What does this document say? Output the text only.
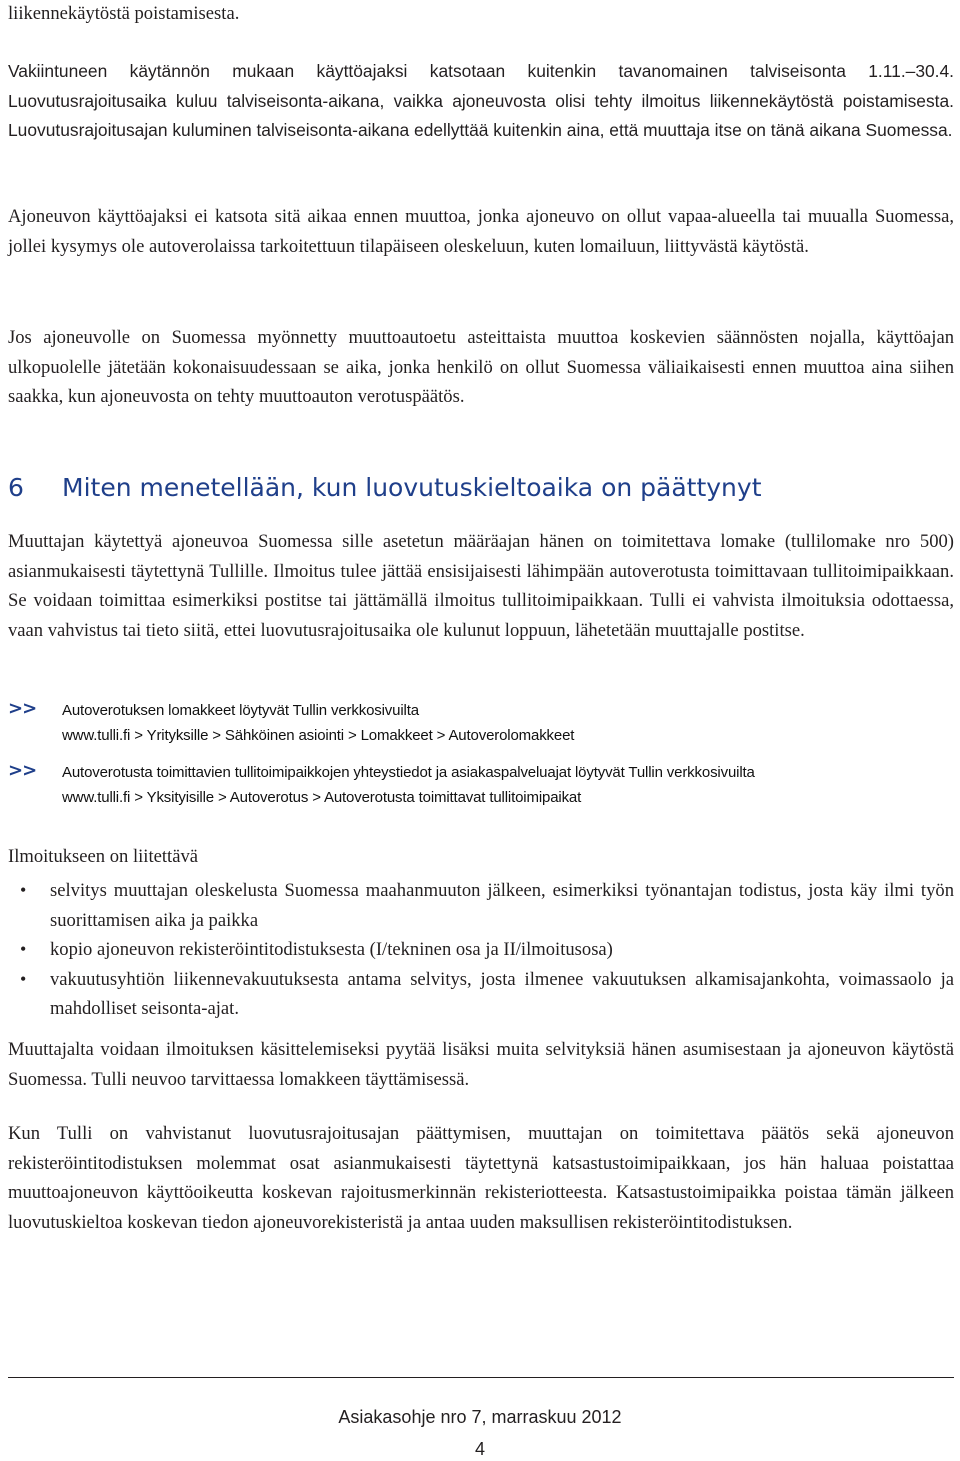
liikennekäytöstä poistamisesta.

Vakiintuneen käytännön mukaan käyttöajaksi katsotaan kuitenkin tavanomainen talviseisonta 1.11.–30.4. Luovutusrajoitusaika kuluu talviseisonta-aikana, vaikka ajoneuvosta olisi tehty ilmoitus liikennekäytöstä poistamisesta. Luovutusrajoitusajan kuluminen talviseisonta-aikana edellyttää kuitenkin aina, että muuttaja itse on tänä aikana Suomessa.

Ajoneuvon käyttöajaksi ei katsota sitä aikaa ennen muuttoa, jonka ajoneuvo on ollut vapaa-alueella tai muualla Suomessa, jollei kysymys ole autoverolaissa tarkoitettuun tilapäiseen oleskeluun, kuten lomailuun, liittyvästä käytöstä.

Jos ajoneuvolle on Suomessa myönnetty muuttoautoetu asteittaista muuttoa koskevien säännösten nojalla, käyttöajan ulkopuolelle jätetään kokonaisuudessaan se aika, jonka henkilö on ollut Suomessa väliaikaisesti ennen muuttoa aina siihen saakka, kun ajoneuvosta on tehty muuttoauton verotuspäätös.

6 Miten menetellään, kun luovutuskieltoaika on päättynyt

Muuttajan käytettyä ajoneuvoa Suomessa sille asetetun määräajan hänen on toimitettava lomake (tullilomake nro 500) asianmukaisesti täytettynä Tullille. Ilmoitus tulee jättää ensisijaisesti lähimpään autoverotusta toimittavaan tullitoimipaikkaan. Se voidaan toimittaa esimerkiksi postitse tai jättämällä ilmoitus tullitoimipaikkaan. Tulli ei vahvista ilmoituksia odottaessa, vaan vahvistus tai tieto siitä, ettei luovutusrajoitusaika ole kulunut loppuun, lähetetään muuttajalle postitse.

>> Autoverotuksen lomakkeet löytyvät Tullin verkkosivuilta
www.tulli.fi > Yrityksille > Sähköinen asiointi > Lomakkeet > Autoverolomakkeet
>> Autoverotusta toimittavien tullitoimipaikkojen yhteystiedot ja asiakaspalveluajat löytyvät Tullin verkkosivuilta
www.tulli.fi > Yksityisille > Autoverotus > Autoverotusta toimittavat tullitoimipaikat

Ilmoitukseen on liitettävä

• selvitys muuttajan oleskelusta Suomessa maahanmuuton jälkeen, esimerkiksi työnantajan todistus, josta käy ilmi työn suorittamisen aika ja paikka
• kopio ajoneuvon rekisteröintitodistuksesta (I/tekninen osa ja II/ilmoitusosa)
• vakuutusyhtiön liikennevakuutuksesta antama selvitys, josta ilmenee vakuutuksen alkamisajankohta, voimassaolo ja mahdolliset seisonta-ajat.

Muuttajalta voidaan ilmoituksen käsittelemiseksi pyytää lisäksi muita selvityksiä hänen asumisestaan ja ajoneuvon käytöstä Suomessa. Tulli neuvoo tarvittaessa lomakkeen täyttämisessä.

Kun Tulli on vahvistanut luovutusrajoitusajan päättymisen, muuttajan on toimitettava päätös sekä ajoneuvon rekisteröintitodistuksen molemmat osat asianmukaisesti täytettynä katsastustoimipaikkaan, jos hän haluaa poistattaa muuttoajoneuvon käyttöoikeutta koskevan rajoitusmerkinnän rekisteriotteesta. Katsastustoimipaikka poistaa tämän jälkeen luovutuskieltoa koskevan tiedon ajoneuvorekisteristä ja antaa uuden maksullisen rekisteröintitodistuksen.

Asiakasohje nro 7, marraskuu 2012
4
